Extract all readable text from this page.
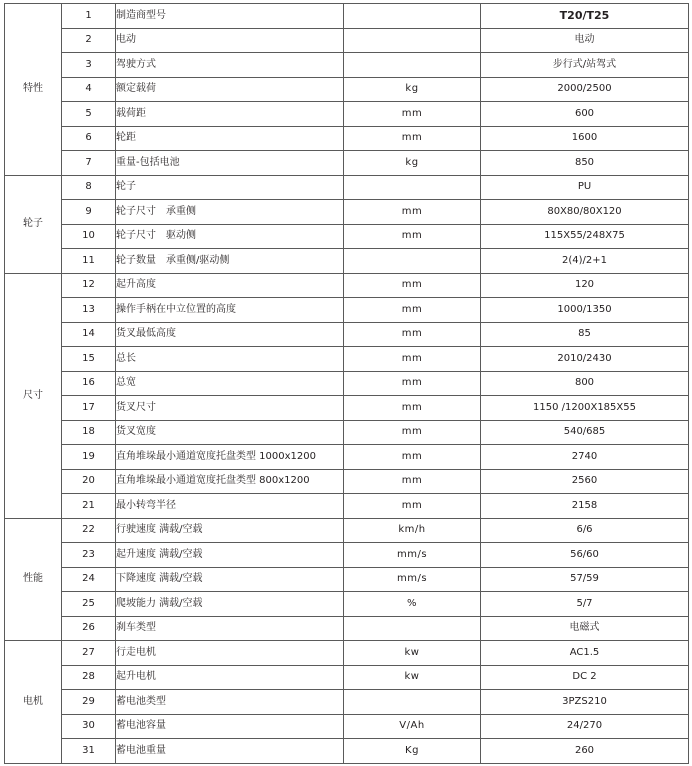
特性	1	制造商型号		T20/T25
	2	电动		电动
	3	驾驶方式		步行式/站驾式
	4	额定载荷	kg	2000/2500
	5	载荷距	mm	600
	6	轮距	mm	1600
	7	重量-包括电池	kg	850
轮子	8	轮子		PU
	9	轮子尺寸　承重侧	mm	80X80/80X120
	10	轮子尺寸　驱动侧	mm	115X55/248X75
	11	轮子数量　承重侧/驱动侧		2(4)/2+1
尺寸	12	起升高度	mm	120
	13	操作手柄在中立位置的高度	mm	1000/1350
	14	货叉最低高度	mm	85
	15	总长	mm	2010/2430
	16	总宽	mm	800
	17	货叉尺寸	mm	1150 /1200X185X55
	18	货叉宽度	mm	540/685
	19	直角堆垛最小通道宽度托盘类型 1000x1200	mm	2740
	20	直角堆垛最小通道宽度托盘类型 800x1200	mm	2560
	21	最小转弯半径	mm	2158
性能	22	行驶速度 满载/空载	km/h	6/6
	23	起升速度 满载/空载	mm/s	56/60
	24	下降速度 满载/空载	mm/s	57/59
	25	爬坡能力 满载/空载	%	5/7
	26	刹车类型		电磁式
电机	27	行走电机	kw	AC1.5
	28	起升电机	kw	DC 2
	29	蓄电池类型		3PZS210
	30	蓄电池容量	V/Ah	24/270
	31	蓄电池重量	Kg	260
